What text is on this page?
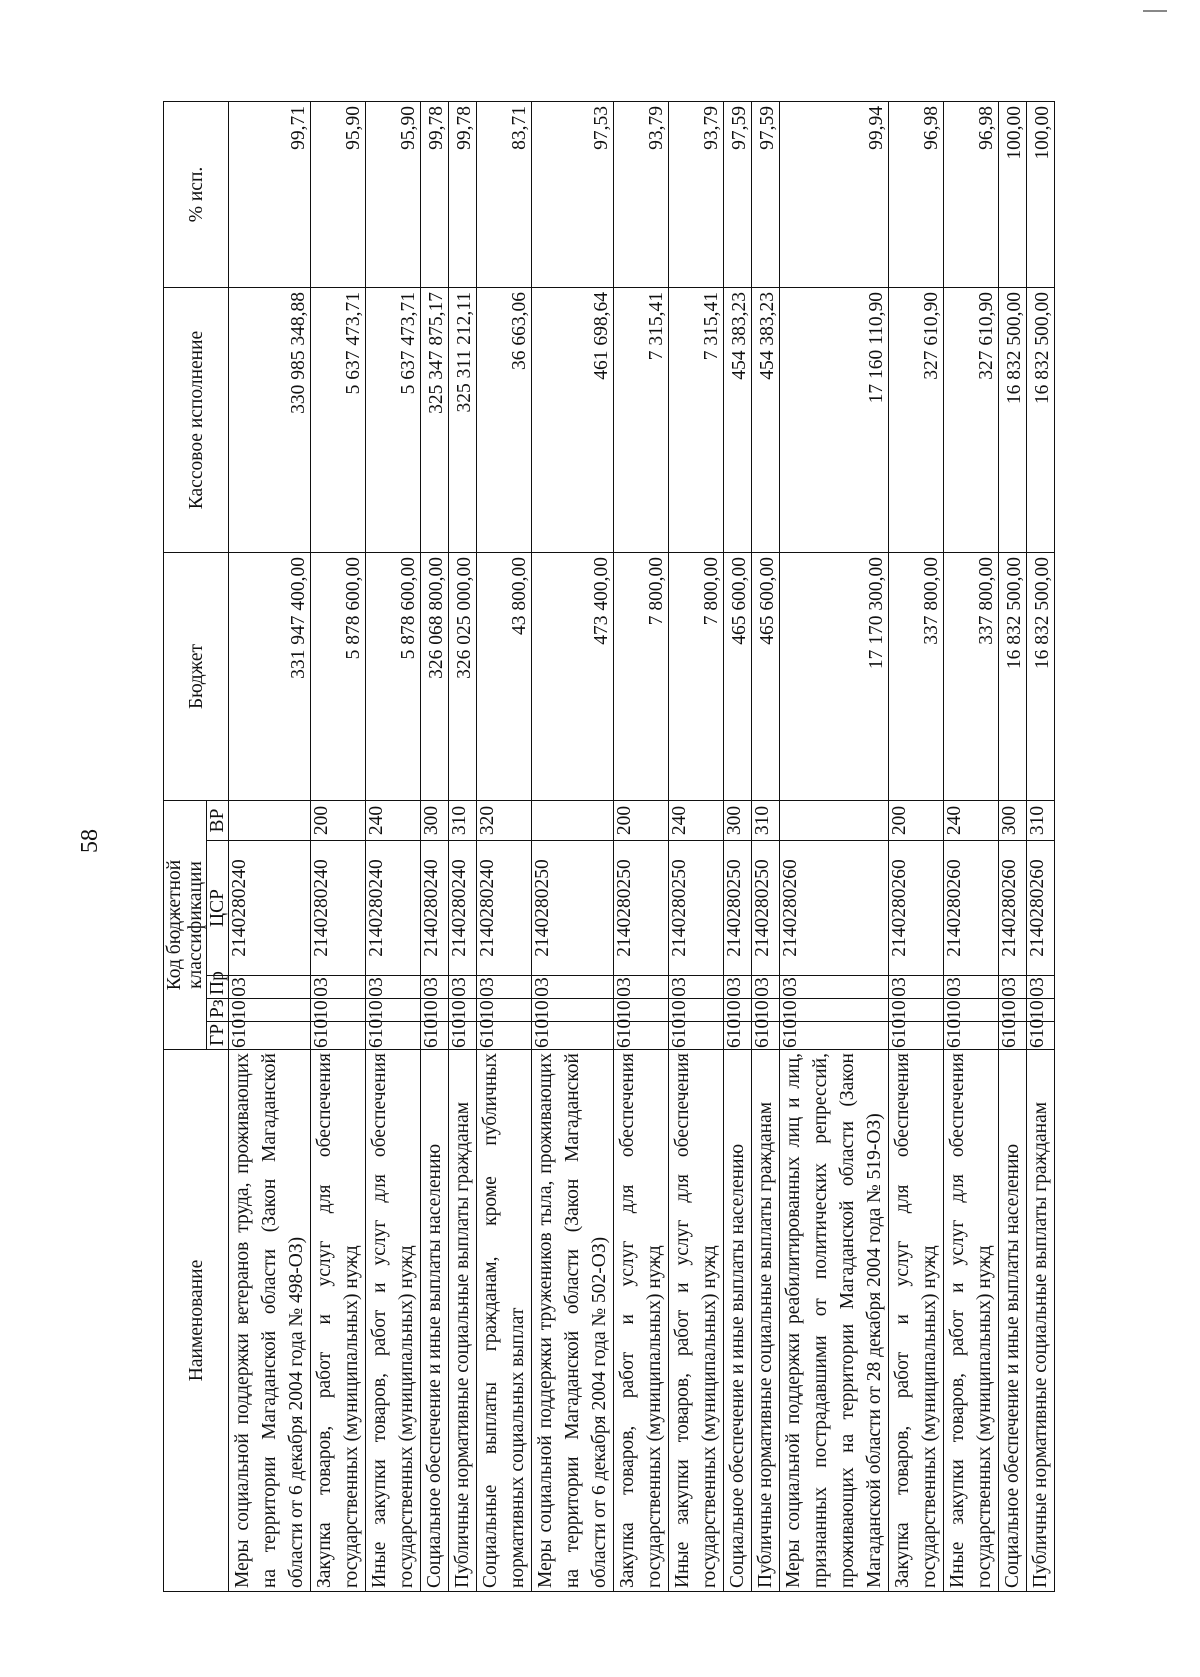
58
Наименование	Код бюджетной классификации					Бюджет	Кассовое исполнение	% исп.
	ГР	Рз	Пр	ЦСР	ВР			
Меры социальной поддержки ветеранов труда, проживающих на территории Магаданской области (Закон Магаданской области от 6 декабря 2004 года № 498-ОЗ)	610	10	03	2140280240		331 947 400,00	330 985 348,88	99,71
Закупка товаров, работ и услуг для обеспечения государственных (муниципальных) нужд	610	10	03	2140280240	200	5 878 600,00	5 637 473,71	95,90
Иные закупки товаров, работ и услуг для обеспечения государственных (муниципальных) нужд	610	10	03	2140280240	240	5 878 600,00	5 637 473,71	95,90
Социальное обеспечение и иные выплаты населению	610	10	03	2140280240	300	326 068 800,00	325 347 875,17	99,78
Публичные нормативные социальные выплаты гражданам	610	10	03	2140280240	310	326 025 000,00	325 311 212,11	99,78
Социальные выплаты гражданам, кроме публичных нормативных социальных выплат	610	10	03	2140280240	320	43 800,00	36 663,06	83,71
Меры социальной поддержки тружеников тыла, проживающих на территории Магаданской области (Закон Магаданской области от 6 декабря 2004 года № 502-ОЗ)	610	10	03	2140280250		473 400,00	461 698,64	97,53
Закупка товаров, работ и услуг для обеспечения государственных (муниципальных) нужд	610	10	03	2140280250	200	7 800,00	7 315,41	93,79
Иные закупки товаров, работ и услуг для обеспечения государственных (муниципальных) нужд	610	10	03	2140280250	240	7 800,00	7 315,41	93,79
Социальное обеспечение и иные выплаты населению	610	10	03	2140280250	300	465 600,00	454 383,23	97,59
Публичные нормативные социальные выплаты гражданам	610	10	03	2140280250	310	465 600,00	454 383,23	97,59
Меры социальной поддержки реабилитированных лиц и лиц, признанных пострадавшими от политических репрессий, проживающих на территории Магаданской области (Закон Магаданской области от 28 декабря 2004 года № 519-ОЗ)	610	10	03	2140280260		17 170 300,00	17 160 110,90	99,94
Закупка товаров, работ и услуг для обеспечения государственных (муниципальных) нужд	610	10	03	2140280260	200	337 800,00	327 610,90	96,98
Иные закупки товаров, работ и услуг для обеспечения государственных (муниципальных) нужд	610	10	03	2140280260	240	337 800,00	327 610,90	96,98
Социальное обеспечение и иные выплаты населению	610	10	03	2140280260	300	16 832 500,00	16 832 500,00	100,00
Публичные нормативные социальные выплаты гражданам	610	10	03	2140280260	310	16 832 500,00	16 832 500,00	100,00
